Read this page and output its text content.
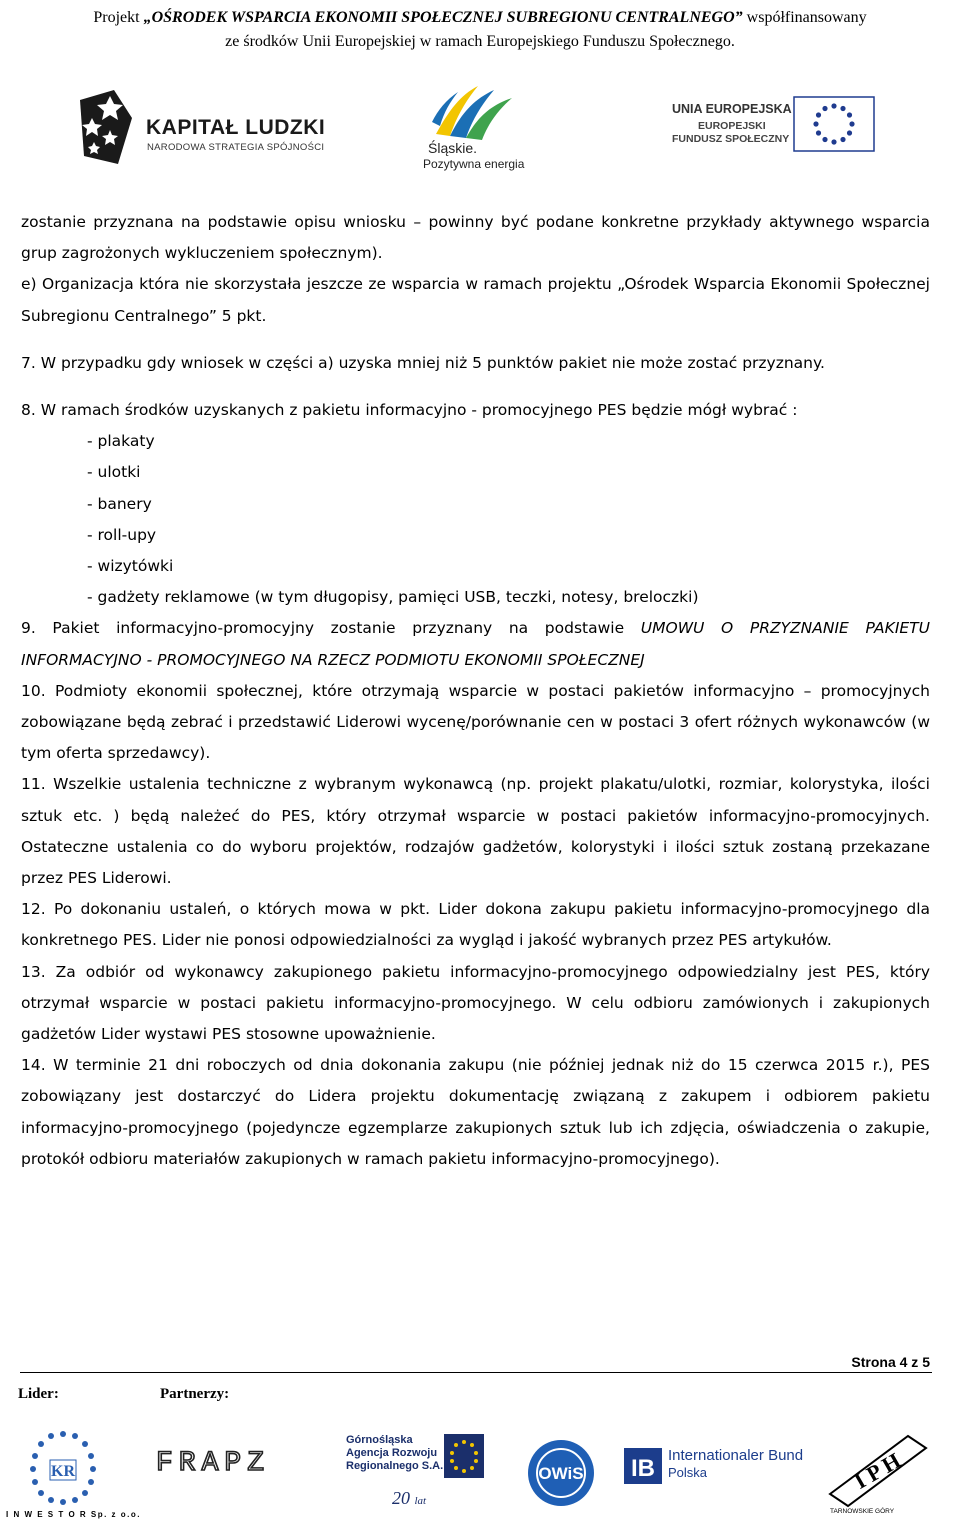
Projekt „OŚRODEK WSPARCIA EKONOMII SPOŁECZNEJ SUBREGIONU CENTRALNEGO” współfinansowany
ze środków Unii Europejskiej w ramach Europejskiego Funduszu Społecznego.
KAPITAŁ LUDZKI
NARODOWA STRATEGIA SPÓJNOŚCI	Śląskie.
Pozytywna energia
UNIA EUROPEJSKA
EUROPEJSKI
FUNDUSZ SPOŁECZNY

zostanie przyznana na podstawie opisu wniosku – powinny być podane konkretne przykłady aktywnego wsparcia grup zagrożonych wykluczeniem społecznym).

e) Organizacja która nie skorzystała jeszcze ze wsparcia w ramach projektu „Ośrodek Wsparcia Ekonomii Społecznej Subregionu Centralnego” 5 pkt.

7. W przypadku gdy wniosek w części a) uzyska mniej niż 5 punktów pakiet nie może zostać przyznany.

8. W ramach środków uzyskanych z pakietu informacyjno - promocyjnego PES będzie mógł wybrać :

- plakaty
- ulotki
- banery
- roll-upy
- wizytówki
- gadżety reklamowe (w tym długopisy, pamięci USB, teczki, notesy, breloczki)

9. Pakiet informacyjno-promocyjny zostanie przyznany na podstawie UMOWU O PRZYZNANIE PAKIETU INFORMACYJNO - PROMOCYJNEGO NA RZECZ PODMIOTU EKONOMII SPOŁECZNEJ

10. Podmioty ekonomii społecznej, które otrzymają wsparcie w postaci pakietów informacyjno – promocyjnych zobowiązane będą zebrać i przedstawić Liderowi wycenę/porównanie cen w postaci 3 ofert różnych wykonawców (w tym oferta sprzedawcy).

11. Wszelkie ustalenia techniczne z wybranym wykonawcą (np. projekt plakatu/ulotki, rozmiar, kolorystyka, ilości sztuk etc. ) będą należeć do PES, który otrzymał wsparcie w postaci pakietów informacyjno-promocyjnych. Ostateczne ustalenia co do wyboru projektów, rodzajów gadżetów, kolorystyki i ilości sztuk zostaną przekazane przez PES Liderowi.

12. Po dokonaniu ustaleń, o których mowa w pkt. Lider dokona zakupu pakietu informacyjno-promocyjnego dla konkretnego PES. Lider nie ponosi odpowiedzialności za wygląd i jakość wybranych przez PES artykułów.

13. Za odbiór od wykonawcy zakupionego pakietu informacyjno-promocyjnego odpowiedzialny jest PES, który otrzymał wsparcie w postaci pakietu informacyjno-promocyjnego. W celu odbioru zamówionych i zakupionych gadżetów Lider wystawi PES stosowne upoważnienie.

14. W terminie 21 dni roboczych od dnia dokonania zakupu (nie później jednak niż do 15 czerwca 2015 r.), PES zobowiązany jest dostarczyć do Lidera projektu dokumentację związaną z zakupem i odbiorem pakietu informacyjno-promocyjnego (pojedyncze egzemplarze zakupionych sztuk lub ich zdjęcia, oświadczenia o zakupie, protokół odbioru materiałów zakupionych w ramach pakietu informacyjno-promocyjnego).

Strona 4 z 5
Lider:	Partnerzy:
KR
I N W E S T O R Sp. z o.o.
FRAPZ
Górnośląska
Agencja Rozwoju
Regionalnego S.A.
20 lat
OWiS IB Internationaler Bund
Polska	I P H
TARNOWSKIE GÓRY
